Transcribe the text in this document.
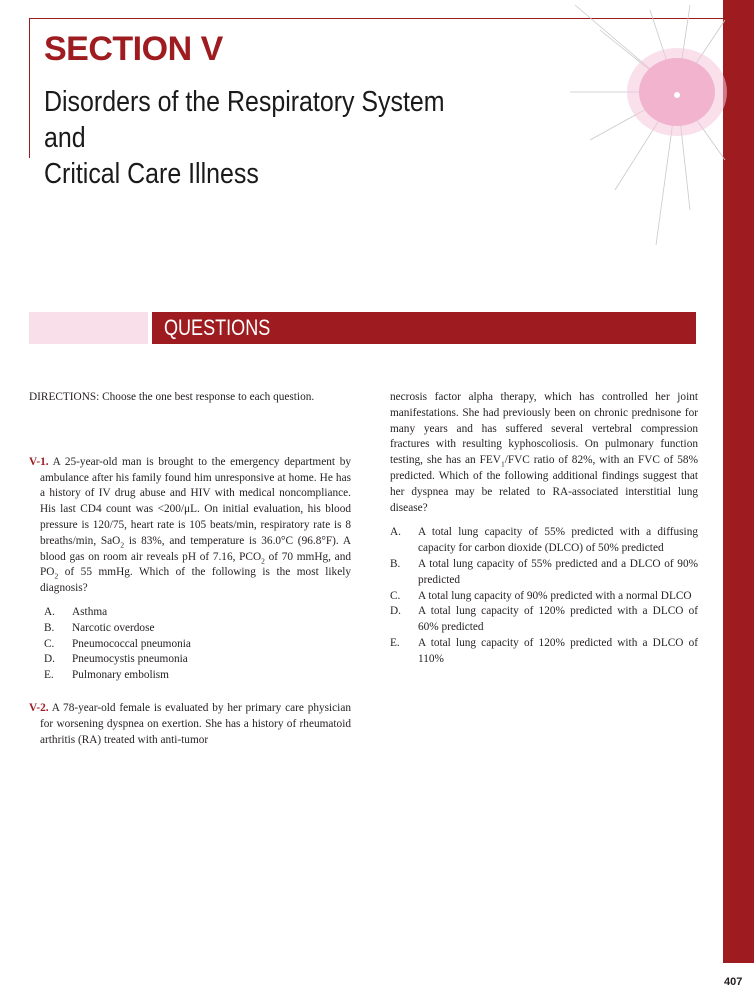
SECTION V
Disorders of the Respiratory System and
Critical Care Illness
QUESTIONS

DIRECTIONS: Choose the one best response to each question.

V-1. A 25-year-old man is brought to the emergency department by ambulance after his family found him unresponsive at home. He has a history of IV drug abuse and HIV with medical noncompliance. His last CD4 count was <200/μL. On initial evaluation, his blood pressure is 120/75, heart rate is 105 beats/min, respiratory rate is 8 breaths/min, SaO$_2$ is 83%, and temperature is 36.0°C (96.8°F). A blood gas on room air reveals pH of 7.16, $PCO_2$ of 70 mmHg, and $PO_2$ of 55 mmHg. Which of the following is the most likely diagnosis?

A. Asthma
B. Narcotic overdose
C. Pneumococcal pneumonia
D. Pneumocystis pneumonia
E. Pulmonary embolism

V-2. A 78-year-old female is evaluated by her primary care physician for worsening dyspnea on exertion. She has a history of rheumatoid arthritis (RA) treated with anti-tumor

necrosis factor alpha therapy, which has controlled her joint manifestations. She had previously been on chronic prednisone for many years and has suffered several vertebral compression fractures with resulting kyphoscoliosis. On pulmonary function testing, she has an $FEV_1$/FVC ratio of 82%, with an FVC of 58% predicted. Which of the following additional findings suggest that her dyspnea may be related to RA-associated interstitial lung disease?

A. A total lung capacity of 55% predicted with a diffusing capacity for carbon dioxide (DLCO) of 50% predicted
B. A total lung capacity of 55% predicted and a DLCO of 90% predicted
C. A total lung capacity of 90% predicted with a normal DLCO
D. A total lung capacity of 120% predicted with a DLCO of 60% predicted
E. A total lung capacity of 120% predicted with a DLCO of 110%
407
